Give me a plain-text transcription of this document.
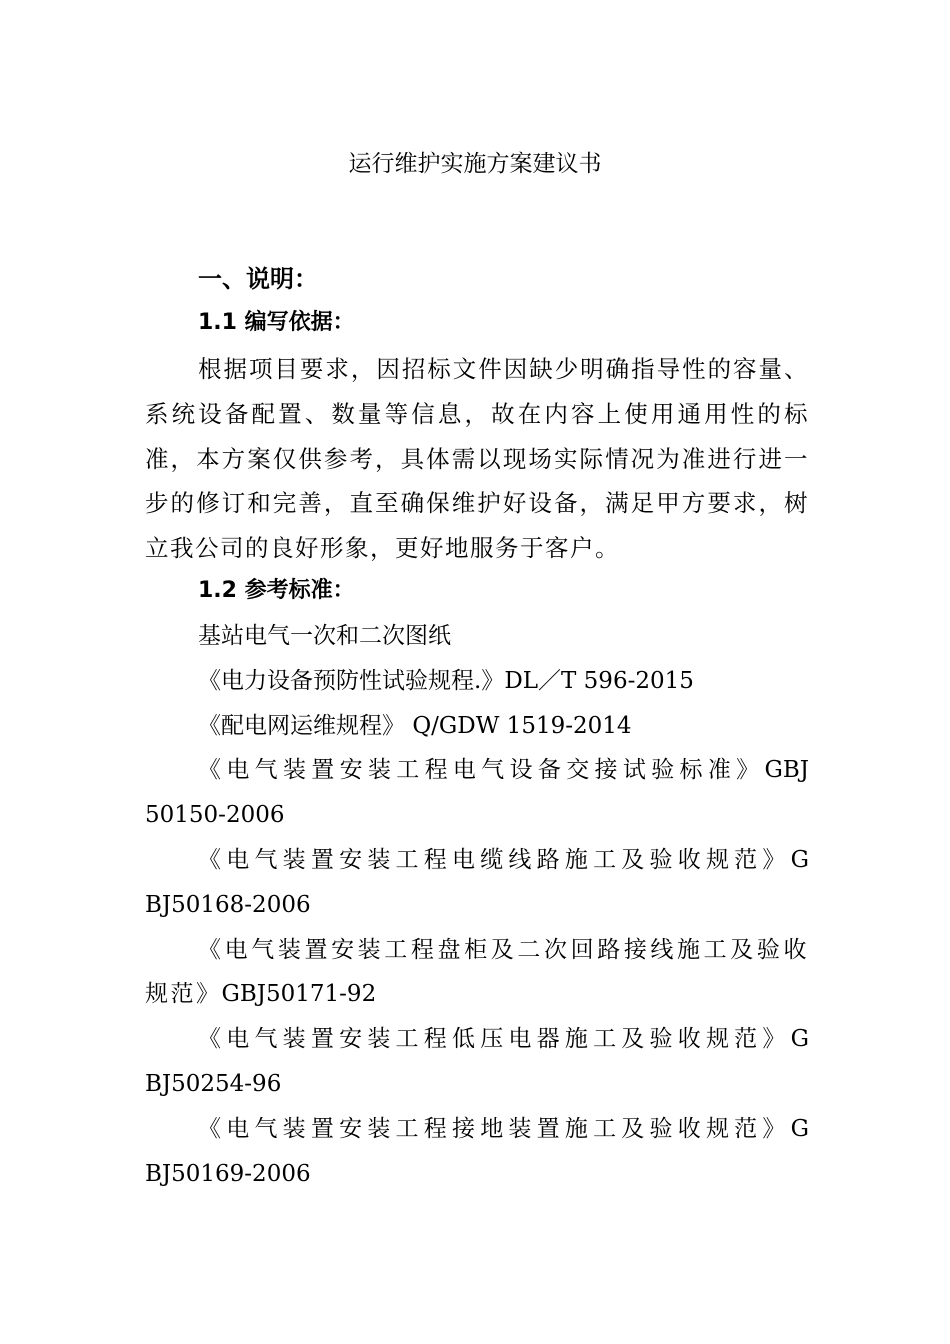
运行维护实施方案建议书
一、说明：
1.1 编写依据：
根据项目要求，因招标文件因缺少明确指导性的容量、系统设备配置、数量等信息，故在内容上使用通用性的标准，本方案仅供参考，具体需以现场实际情况为准进行进一步的修订和完善，直至确保维护好设备，满足甲方要求，树立我公司的良好形象，更好地服务于客户。
1.2 参考标准：
基站电气一次和二次图纸
《电力设备预防性试验规程.》DL／T 596-2015
《配电网运维规程》 Q/GDW 1519-2014
《电气装置安装工程电气设备交接试验标准》GBJ50150-2006
《电气装置安装工程电缆线路施工及验收规范》GBJ50168-2006
《电气装置安装工程盘柜及二次回路接线施工及验收规范》GBJ50171-92
《电气装置安装工程低压电器施工及验收规范》GBJ50254-96
《电气装置安装工程接地装置施工及验收规范》GBJ50169-2006
